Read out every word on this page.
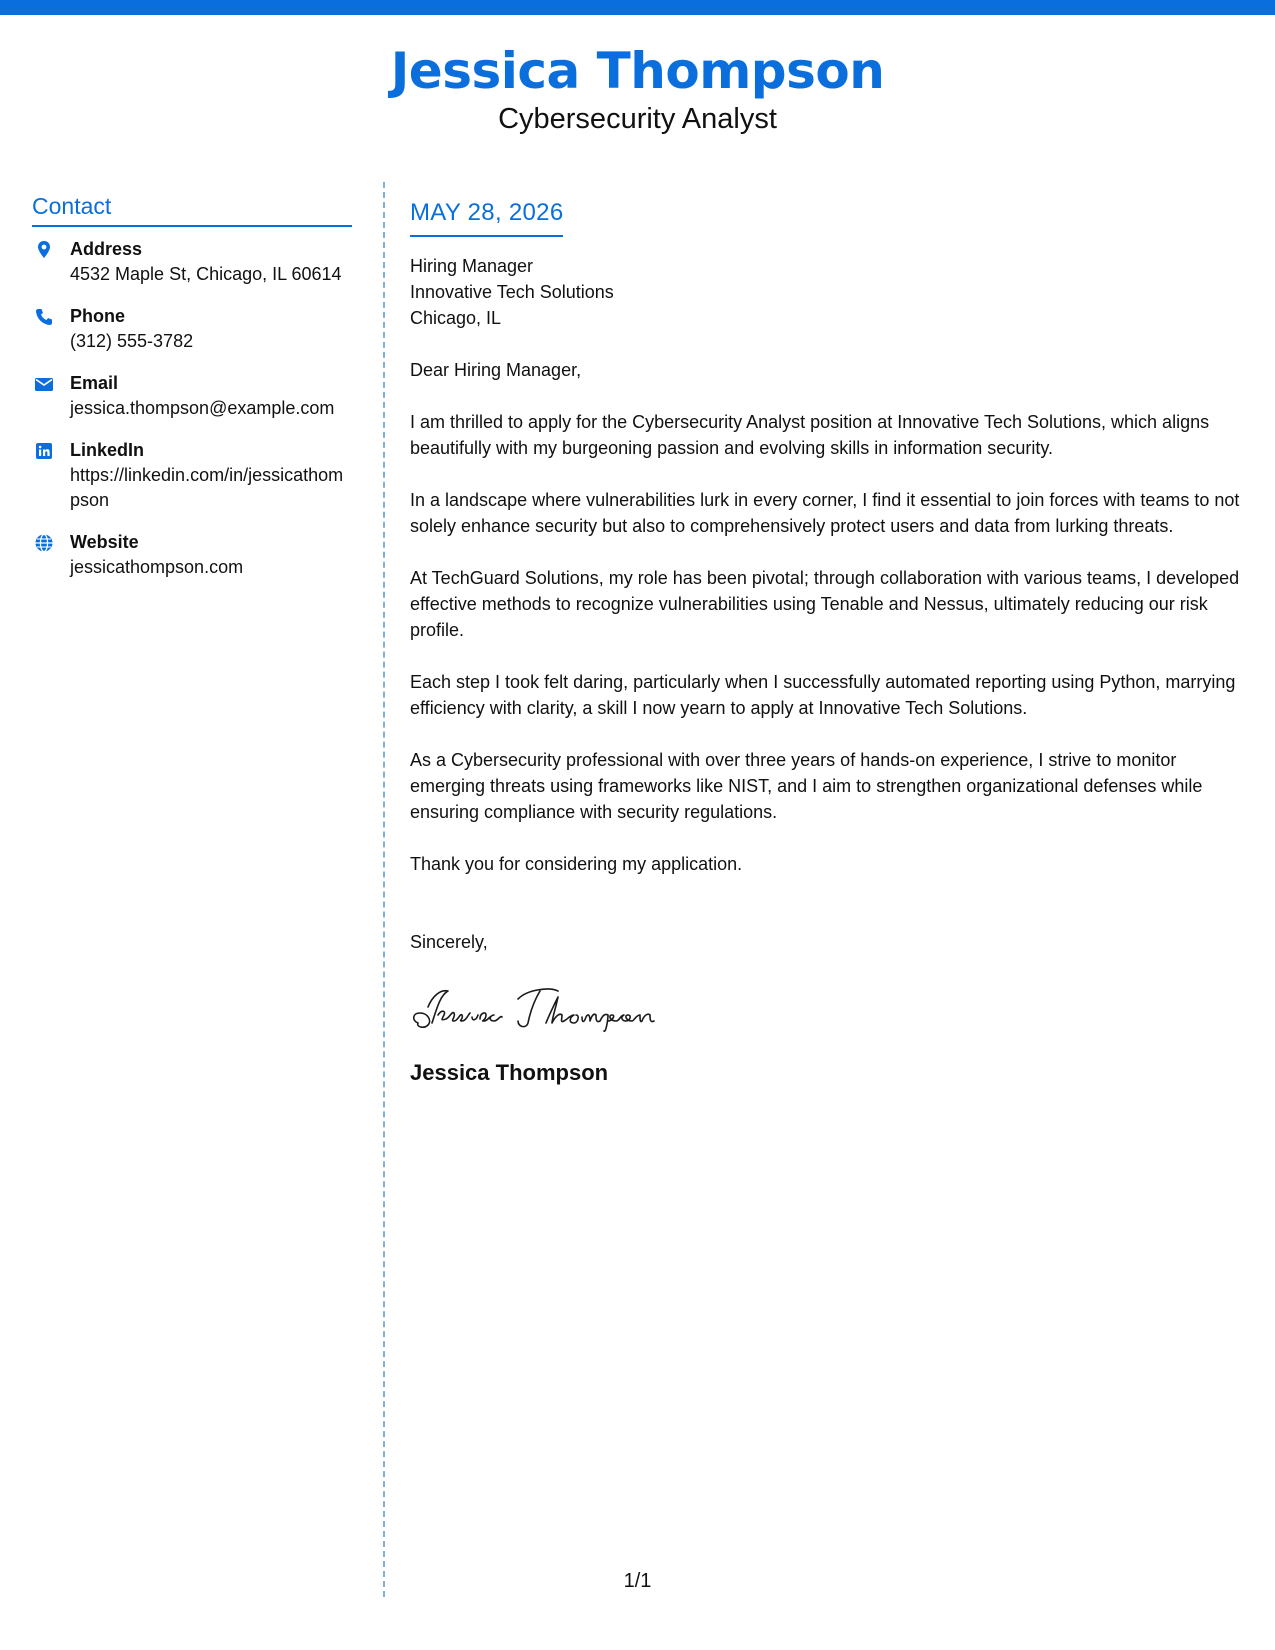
Jessica Thompson
Cybersecurity Analyst
Contact
Address
4532 Maple St, Chicago, IL 60614
Phone
(312) 555-3782
Email
jessica.thompson@example.com
LinkedIn
https://linkedin.com/in/jessicathompson
Website
jessicathompson.com
MAY 28, 2026
Hiring Manager
Innovative Tech Solutions
Chicago, IL
Dear Hiring Manager,
I am thrilled to apply for the Cybersecurity Analyst position at Innovative Tech Solutions, which aligns beautifully with my burgeoning passion and evolving skills in information security.
In a landscape where vulnerabilities lurk in every corner, I find it essential to join forces with teams to not solely enhance security but also to comprehensively protect users and data from lurking threats.
At TechGuard Solutions, my role has been pivotal; through collaboration with various teams, I developed effective methods to recognize vulnerabilities using Tenable and Nessus, ultimately reducing our risk profile.
Each step I took felt daring, particularly when I successfully automated reporting using Python, marrying efficiency with clarity, a skill I now yearn to apply at Innovative Tech Solutions.
As a Cybersecurity professional with over three years of hands-on experience, I strive to monitor emerging threats using frameworks like NIST, and I aim to strengthen organizational defenses while ensuring compliance with security regulations.
Thank you for considering my application.
Sincerely,
Jessica Thompson
1/1
